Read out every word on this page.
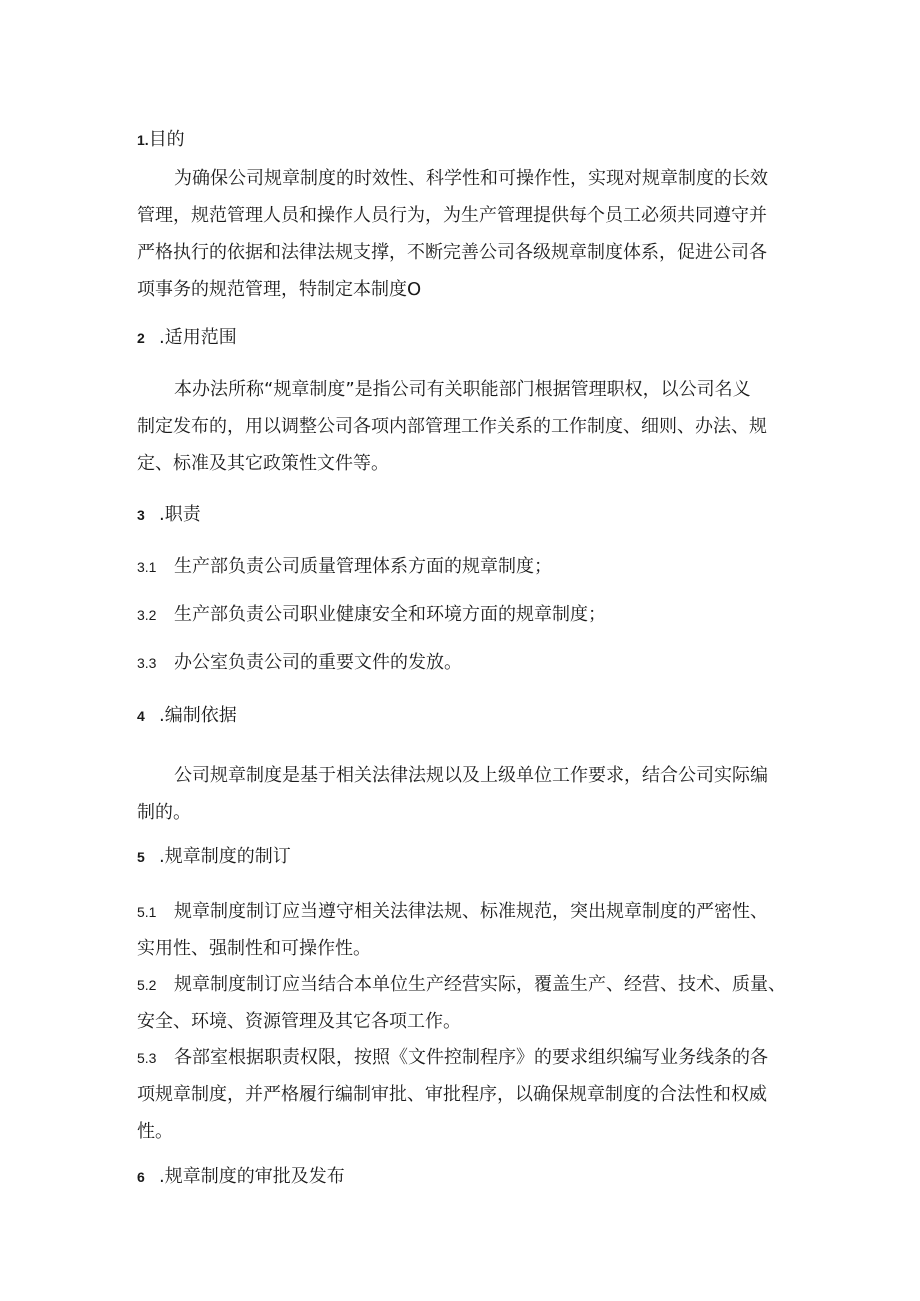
1.目的
为确保公司规章制度的时效性、科学性和可操作性，实现对规章制度的长效
管理，规范管理人员和操作人员行为，为生产管理提供每个员工必须共同遵守并
严格执行的依据和法律法规支撑，不断完善公司各级规章制度体系，促进公司各
项事务的规范管理，特制定本制度O
2 .适用范围
本办法所称“规章制度”是指公司有关职能部门根据管理职权，以公司名义
制定发布的，用以调整公司各项内部管理工作关系的工作制度、细则、办法、规
定、标准及其它政策性文件等。
3 .职责
3.1 生产部负责公司质量管理体系方面的规章制度；
3.2 生产部负责公司职业健康安全和环境方面的规章制度；
3.3 办公室负责公司的重要文件的发放。
4 .编制依据
公司规章制度是基于相关法律法规以及上级单位工作要求，结合公司实际编
制的。
5 .规章制度的制订
5.1 规章制度制订应当遵守相关法律法规、标准规范，突出规章制度的严密性、
实用性、强制性和可操作性。
5.2 规章制度制订应当结合本单位生产经营实际，覆盖生产、经营、技术、质量、
安全、环境、资源管理及其它各项工作。
5.3 各部室根据职责权限，按照《文件控制程序》的要求组织编写业务线条的各
项规章制度，并严格履行编制审批、审批程序，以确保规章制度的合法性和权威
性。
6 .规章制度的审批及发布
